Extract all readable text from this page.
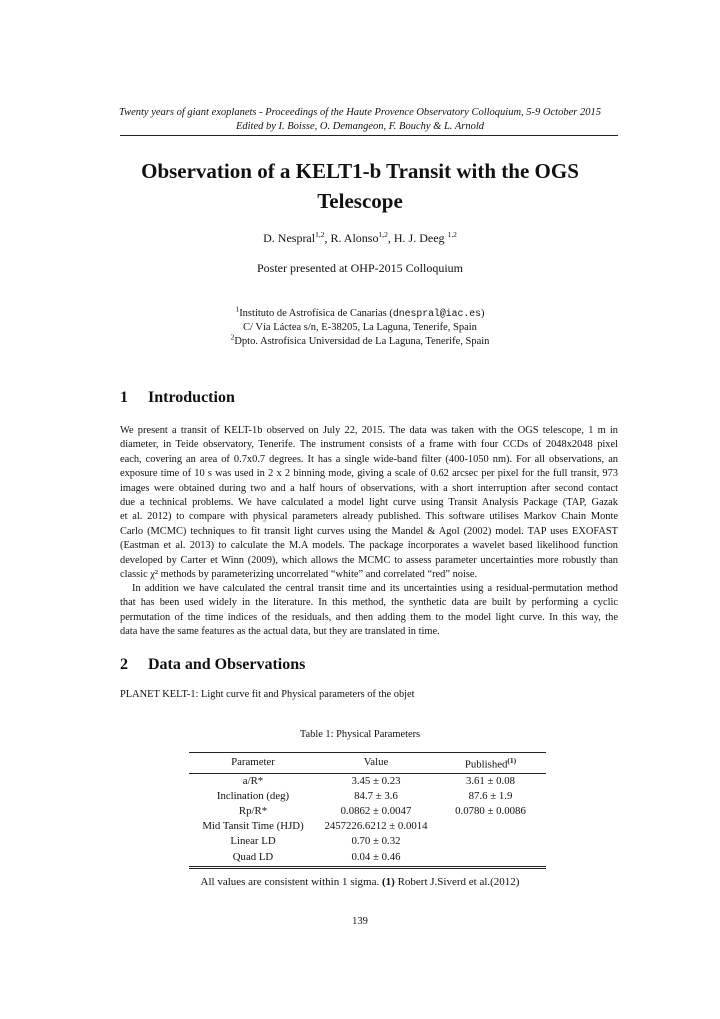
Twenty years of giant exoplanets - Proceedings of the Haute Provence Observatory Colloquium, 5-9 October 2015
Edited by I. Boisse, O. Demangeon, F. Bouchy & L. Arnold
Observation of a KELT1-b Transit with the OGS
Telescope
D. Nespral$^{1,2}$, R. Alonso$^{1,2}$, H. J. Deeg $^{1,2}$
Poster presented at OHP-2015 Colloquium
$^1$Instituto de Astrofísica de Canarias (dnespral@iac.es)
C/ Vía Láctea s/n, E-38205, La Laguna, Tenerife, Spain
$^2$Dpto. Astrofísica Universidad de La Laguna, Tenerife, Spain
1 Introduction
We present a transit of KELT-1b observed on July 22, 2015. The data was taken with the OGS telescope, 1 m in
diameter, in Teide observatory, Tenerife. The instrument consists of a frame with four CCDs of 2048x2048 pixel
each, covering an area of 0.7x0.7 degrees. It has a single wide-band filter (400-1050 nm). For all observations, an
exposure time of 10 s was used in 2 x 2 binning mode, giving a scale of 0.62 arcsec per pixel for the full transit, 973
images were obtained during two and a half hours of observations, with a short interruption after second contact
due a technical problems. We have calculated a model light curve using Transit Analysis Package (TAP, Gazak
et al. 2012) to compare with physical parameters already published. This software utilises Markov Chain Monte
Carlo (MCMC) techniques to fit transit light curves using the Mandel & Agol (2002) model. TAP uses EXOFAST
(Eastman et al. 2013) to calculate the M.A models. The package incorporates a wavelet based likelihood function
developed by Carter et Winn (2009), which allows the MCMC to assess parameter uncertainties more robustly than
classic χ² methods by parameterizing uncorrelated “white” and correlated “red” noise.
In addition we have calculated the central transit time and its uncertainties using a residual-permutation method
that has been used widely in the literature. In this method, the synthetic data are built by performing a cyclic
permutation of the time indices of the residuals, and then adding them to the model light curve. In this way, the
data have the same features as the actual data, but they are translated in time.
2 Data and Observations
PLANET KELT-1: Light curve fit and Physical parameters of the objet
Table 1: Physical Parameters
Parameter	Value	Published$^{(1)}$
a/R*	3.45 ± 0.23	3.61 ± 0.08
Inclination (deg)	84.7 ± 3.6	87.6 ± 1.9
Rp/R*	0.0862 ± 0.0047	0.0780 ± 0.0086
Mid Tansit Time (HJD)	2457226.6212 ± 0.0014	
Linear LD	0.70 ± 0.32	
Quad LD	0.04 ± 0.46	
All values are consistent within 1 sigma. (1) Robert J.Siverd et al.(2012)
139
